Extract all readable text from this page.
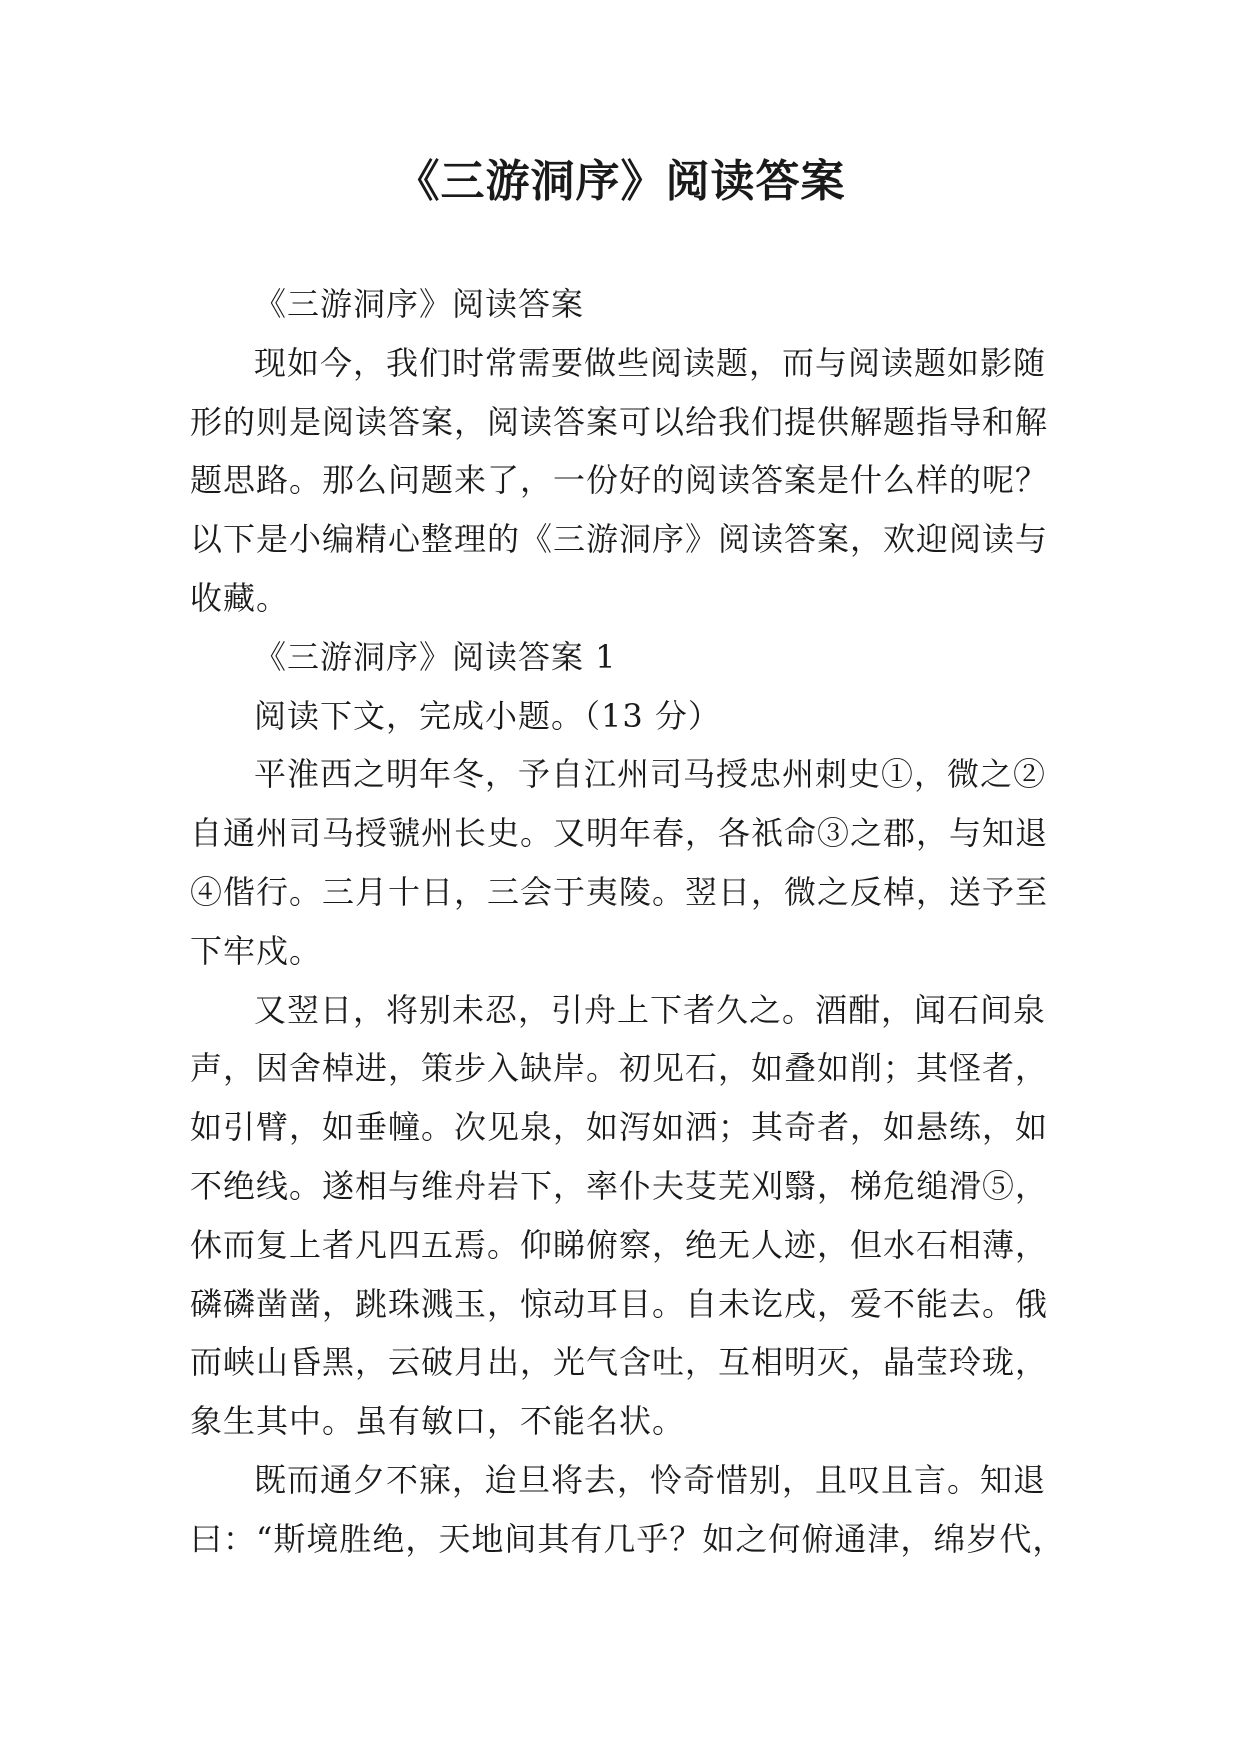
《三游洞序》阅读答案
《三游洞序》阅读答案
现如今，我们时常需要做些阅读题，而与阅读题如影随
形的则是阅读答案，阅读答案可以给我们提供解题指导和解
题思路。那么问题来了，一份好的阅读答案是什么样的呢？
以下是小编精心整理的《三游洞序》阅读答案，欢迎阅读与
收藏。
《三游洞序》阅读答案 1
阅读下文，完成小题。（13 分）
平淮西之明年冬，予自江州司马授忠州刺史①，微之②
自通州司马授虢州长史。又明年春，各祇命③之郡，与知退
④偕行。三月十日，三会于夷陵。翌日，微之反棹，送予至
下牢戍。
又翌日，将别未忍，引舟上下者久之。酒酣，闻石间泉
声，因舍棹进，策步入缺岸。初见石，如叠如削；其怪者，
如引臂，如垂幢。次见泉，如泻如洒；其奇者，如悬练，如
不绝线。遂相与维舟岩下，率仆夫芟芜刈翳，梯危缒滑⑤，
休而复上者凡四五焉。仰睇俯察，绝无人迹，但水石相薄，
磷磷凿凿，跳珠溅玉，惊动耳目。自未讫戌，爱不能去。俄
而峡山昏黑，云破月出，光气含吐，互相明灭，晶莹玲珑，
象生其中。虽有敏口，不能名状。
既而通夕不寐，迨旦将去，怜奇惜别，且叹且言。知退
曰：“斯境胜绝，天地间其有几乎？如之何俯通津，绵岁代，
